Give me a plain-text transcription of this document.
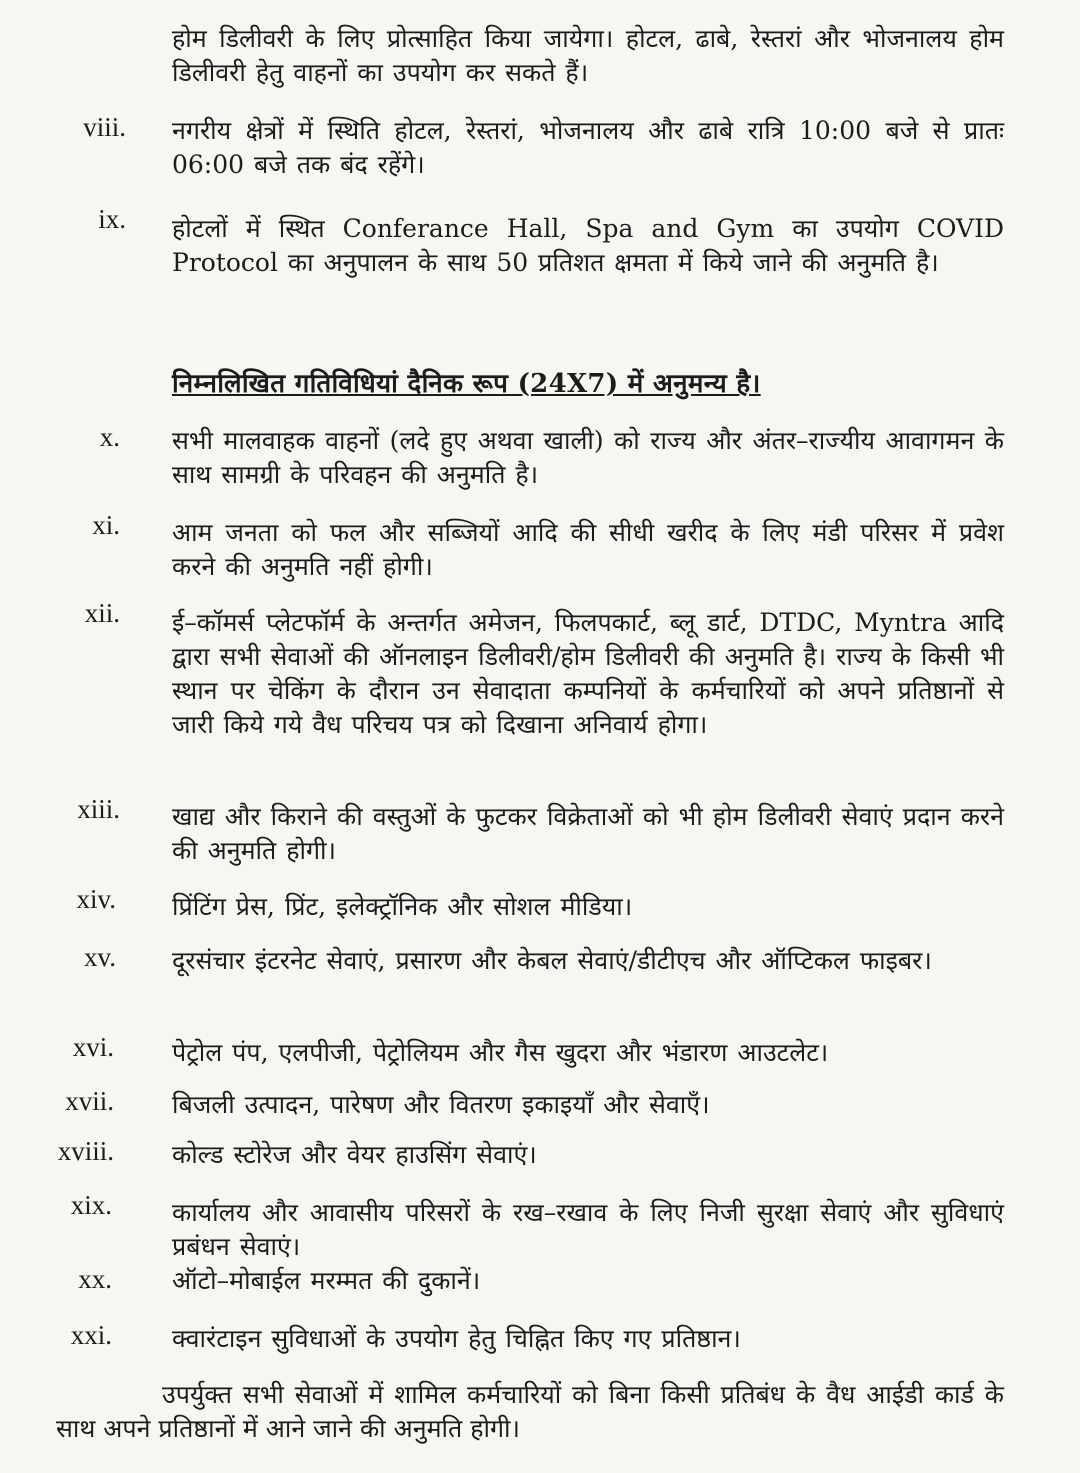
होम डिलीवरी के लिए प्रोत्साहित किया जायेगा। होटल, ढाबे, रेस्तरां और भोजनालय होम डिलीवरी हेतु वाहनों का उपयोग कर सकते हैं।
viii. नगरीय क्षेत्रों में स्थिति होटल, रेस्तरां, भोजनालय और ढाबे रात्रि 10:00 बजे से प्रातः 06:00 बजे तक बंद रहेंगे।
ix. होटलों में स्थित Conferance Hall, Spa and Gym का उपयोग COVID Protocol का अनुपालन के साथ 50 प्रतिशत क्षमता में किये जाने की अनुमति है।
निम्नलिखित गतिविधियां दैनिक रूप (24X7) में अनुमन्य है।
x. सभी मालवाहक वाहनों (लदे हुए अथवा खाली) को राज्य और अंतर–राज्यीय आवागमन के साथ सामग्री के परिवहन की अनुमति है।
xi. आम जनता को फल और सब्जियों आदि की सीधी खरीद के लिए मंडी परिसर में प्रवेश करने की अनुमति नहीं होगी।
xii. ई–कॉमर्स प्लेटफॉर्म के अन्तर्गत अमेजन, फिलपकार्ट, ब्लू डार्ट, DTDC, Myntra आदि द्वारा सभी सेवाओं की ऑनलाइन डिलीवरी/होम डिलीवरी की अनुमति है। राज्य के किसी भी स्थान पर चेकिंग के दौरान उन सेवादाता कम्पनियों के कर्मचारियों को अपने प्रतिष्ठानों से जारी किये गये वैध परिचय पत्र को दिखाना अनिवार्य होगा।
xiii. खाद्य और किराने की वस्तुओं के फुटकर विक्रेताओं को भी होम डिलीवरी सेवाएं प्रदान करने की अनुमति होगी।
xiv. प्रिंटिंग प्रेस, प्रिंट, इलेक्ट्रॉनिक और सोशल मीडिया।
xv. दूरसंचार इंटरनेट सेवाएं, प्रसारण और केबल सेवाएं/डीटीएच और ऑप्टिकल फाइबर।
xvi. पेट्रोल पंप, एलपीजी, पेट्रोलियम और गैस खुदरा और भंडारण आउटलेट।
xvii. बिजली उत्पादन, पारेषण और वितरण इकाइयाँ और सेवाएँ।
xviii. कोल्ड स्टोरेज और वेयर हाउसिंग सेवाएं।
xix. कार्यालय और आवासीय परिसरों के रख–रखाव के लिए निजी सुरक्षा सेवाएं और सुविधाएं प्रबंधन सेवाएं।
xx. ऑटो–मोबाईल मरम्मत की दुकानें।
xxi. क्वारंटाइन सुविधाओं के उपयोग हेतु चिह्नित किए गए प्रतिष्ठान।
उपर्युक्त सभी सेवाओं में शामिल कर्मचारियों को बिना किसी प्रतिबंध के वैध आईडी कार्ड के साथ अपने प्रतिष्ठानों में आने जाने की अनुमति होगी।
